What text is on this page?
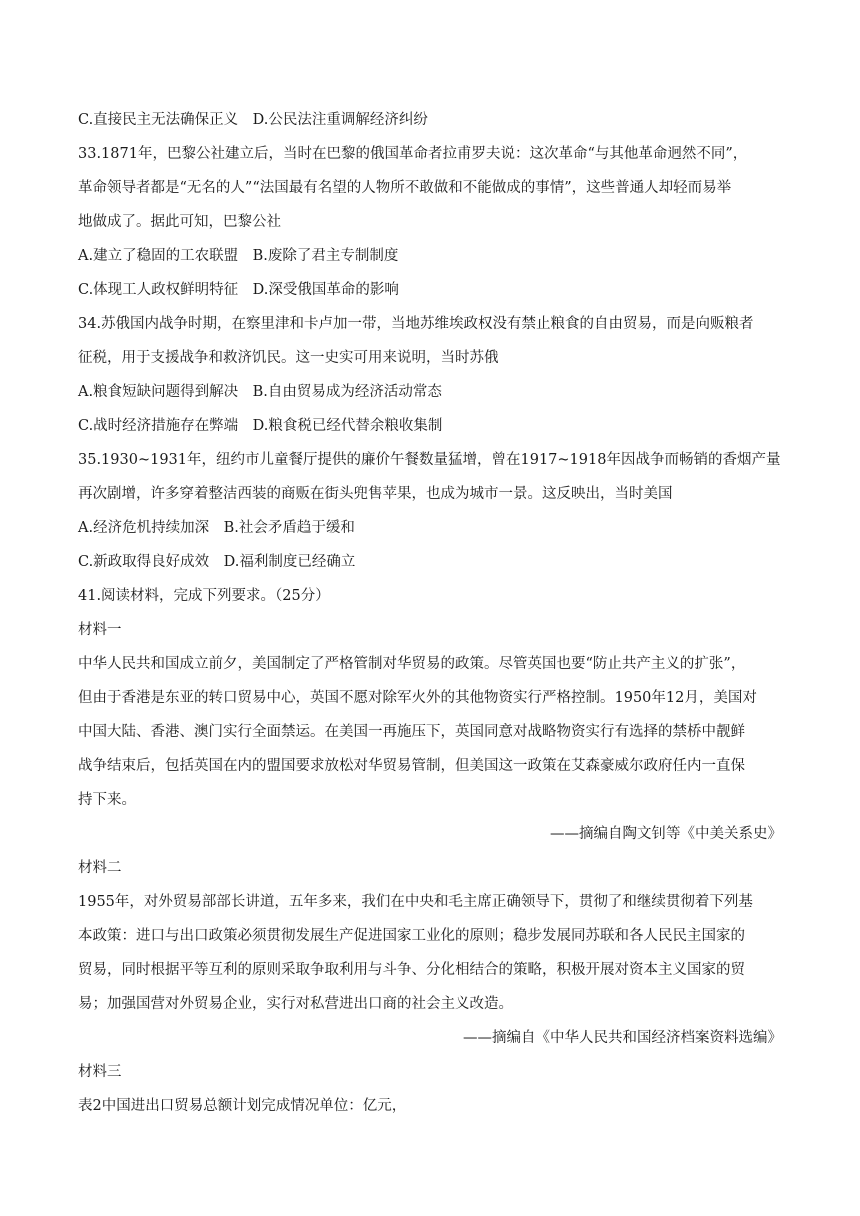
C.直接民主无法确保正义　D.公民法注重调解经济纠纷
33.1871年，巴黎公社建立后，当时在巴黎的俄国革命者拉甫罗夫说：这次革命“与其他革命迥然不同”，
革命领导者都是“无名的人”“法国最有名望的人物所不敢做和不能做成的事情”，这些普通人却轻而易举
地做成了。据此可知，巴黎公社
A.建立了稳固的工农联盟　B.废除了君主专制制度
C.体现工人政权鲜明特征　D.深受俄国革命的影响
34.苏俄国内战争时期，在察里津和卡卢加一带，当地苏维埃政权没有禁止粮食的自由贸易，而是向贩粮者
征税，用于支援战争和救济饥民。这一史实可用来说明，当时苏俄
A.粮食短缺问题得到解决　B.自由贸易成为经济活动常态
C.战时经济措施存在弊端　D.粮食税已经代替余粮收集制
35.1930~1931年，纽约市儿童餐厅提供的廉价午餐数量猛增，曾在1917~1918年因战争而畅销的香烟产量
再次剧增，许多穿着整洁西装的商贩在街头兜售苹果，也成为城市一景。这反映出，当时美国
A.经济危机持续加深　B.社会矛盾趋于缓和
C.新政取得良好成效　D.福利制度已经确立
41.阅读材料，完成下列要求。（25分）
材料一
中华人民共和国成立前夕，美国制定了严格管制对华贸易的政策。尽管英国也要“防止共产主义的扩张”，
但由于香港是东亚的转口贸易中心，英国不愿对除军火外的其他物资实行严格控制。1950年12月，美国对
中国大陆、香港、澳门实行全面禁运。在美国一再施压下，英国同意对战略物资实行有选择的禁桥中靓鲜
战争结束后，包括英国在内的盟国要求放松对华贸易管制，但美国这一政策在艾森豪威尔政府任内一直保
持下来。
——摘编自陶文钊等《中美关系史》
材料二
1955年，对外贸易部部长讲道，五年多来，我们在中央和毛主席正确领导下，贯彻了和继续贯彻着下列基
本政策：进口与出口政策必须贯彻发展生产促进国家工业化的原则；稳步发展同苏联和各人民民主国家的
贸易，同时根据平等互利的原则采取争取利用与斗争、分化相结合的策略，积极开展对资本主义国家的贸
易；加强国营对外贸易企业，实行对私营进出口商的社会主义改造。
——摘编自《中华人民共和国经济档案资料选编》
材料三
表2中国进出口贸易总额计划完成情况单位：亿元，
